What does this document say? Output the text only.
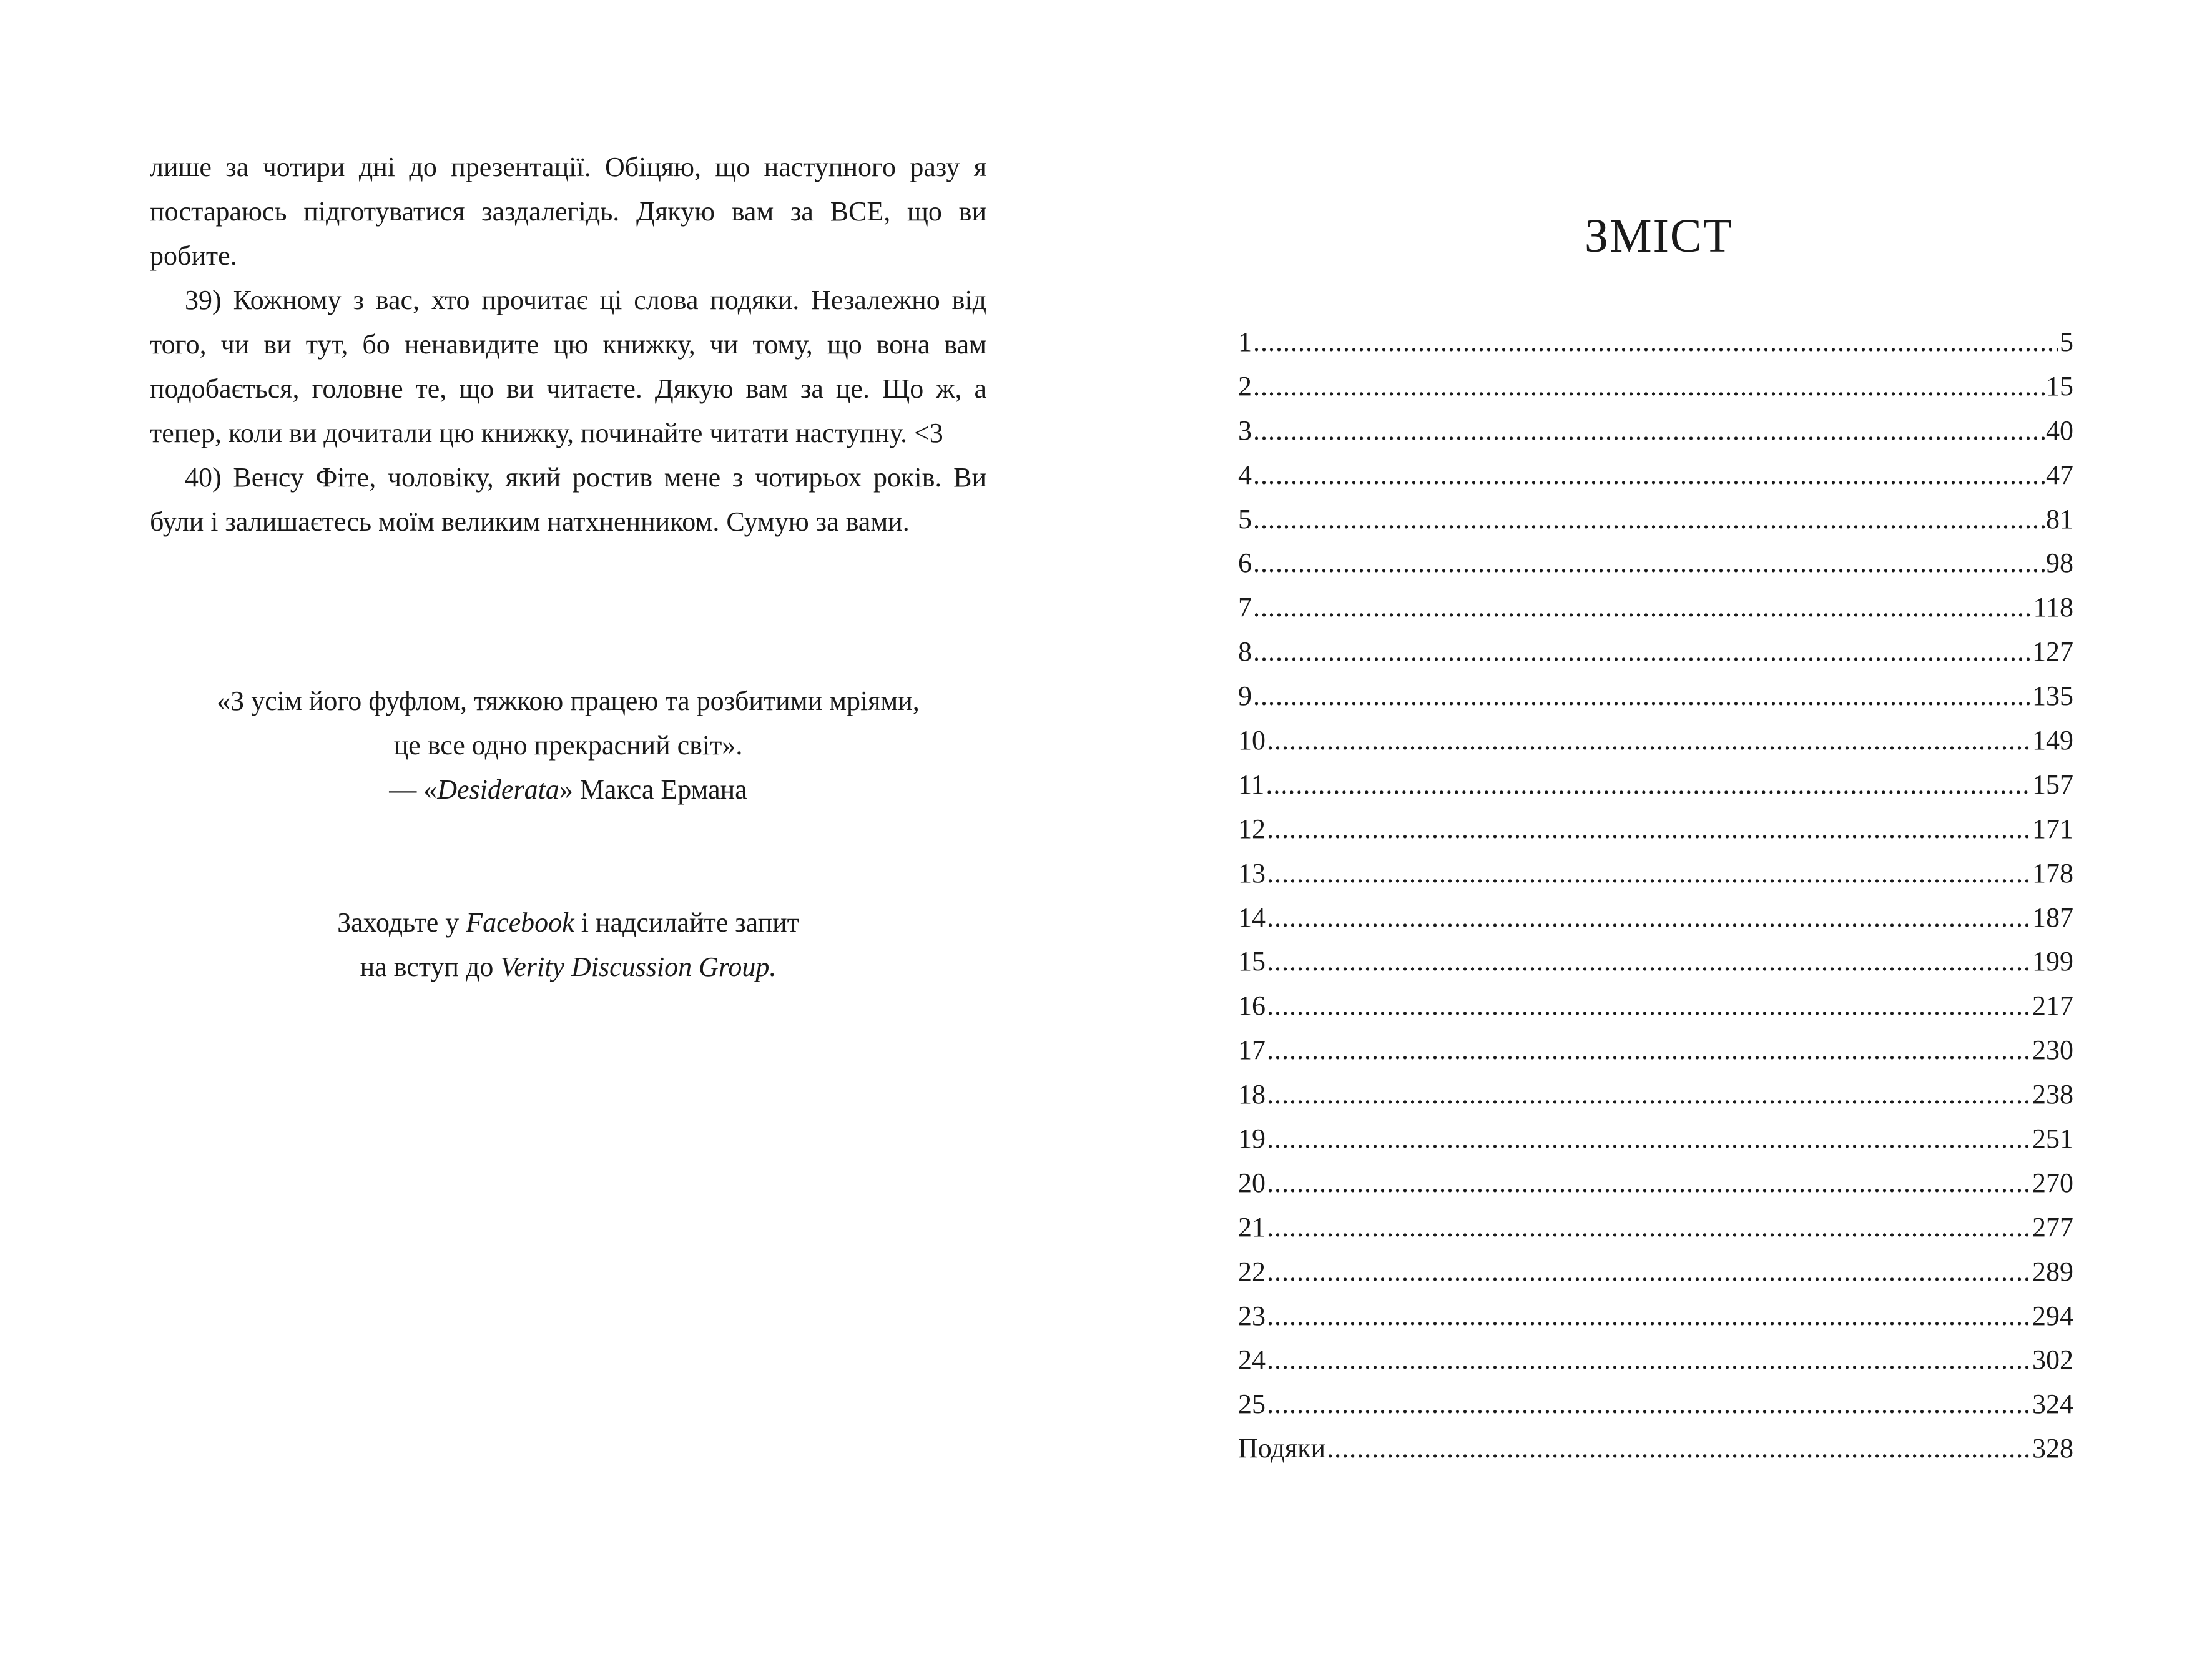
лише за чотири дні до презентації. Обіцяю, що наступного разу я постараюсь підготуватися заздалегідь. Дякую вам за ВСЕ, що ви робите.

39) Кожному з вас, хто прочитає ці слова подяки. Незалежно від того, чи ви тут, бо ненавидите цю книжку, чи тому, що вона вам подобається, головне те, що ви читаєте. Дякую вам за це. Що ж, а тепер, коли ви дочитали цю книжку, починайте читати наступну. <3

40) Венсу Фіте, чоловіку, який ростив мене з чотирьох років. Ви були і залишаєтесь моїм великим натхненником. Сумую за вами.

«З усім його фуфлом, тяжкою працею та розбитими мріями,
це все одно прекрасний світ».
— «Desiderata» Макса Ермана
Заходьте у Facebook і надсилайте запит
на вступ до Verity Discussion Group.
ЗМІСТ
1 .....	5
2 .....	15
3 .....	40
4 .....	47
5 .....	81
6 .....	98
7 .....	118
8 .....	127
9 .....	135
10 .....	149
11 .....	157
12 .....	171
13 .....	178
14 .....	187
15 .....	199
16 .....	217
17 .....	230
18 .....	238
19 .....	251
20 .....	270
21 .....	277
22 .....	289
23 .....	294
24 .....	302
25 .....	324
Подяки .....	328
